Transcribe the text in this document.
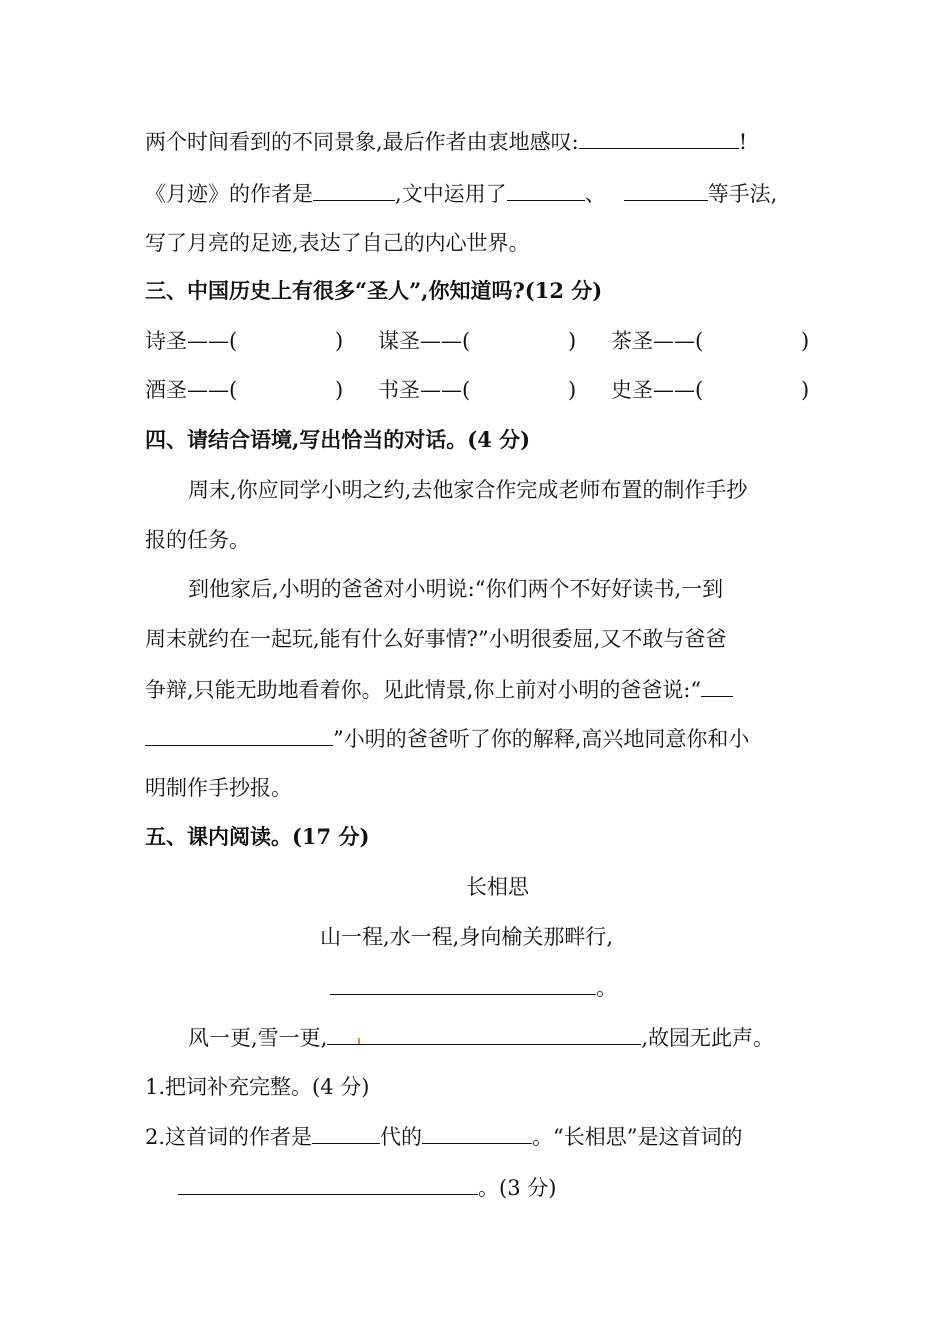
两个时间看到的不同景象,最后作者由衷地感叹:	!
《月迹》的作者是	,文中运用了	、	等手法,
写了月亮的足迹,表达了自己的内心世界。
三、中国历史上有很多“圣人”,你知道吗?(12 分)
诗圣——(	) 谋圣——(	) 茶圣——(	)
酒圣——(	) 书圣——(	) 史圣——(	)
四、请结合语境,写出恰当的对话。(4 分)
周末,你应同学小明之约,去他家合作完成老师布置的制作手抄
报的任务。
到他家后,小明的爸爸对小明说:“你们两个不好好读书,一到
周末就约在一起玩,能有什么好事情?”小明很委屈,又不敢与爸爸
争辩,只能无助地看着你。见此情景,你上前对小明的爸爸说:“
”小明的爸爸听了你的解释,高兴地同意你和小
明制作手抄报。
五、课内阅读。(17 分)
长相思
山一程,水一程,身向榆关那畔行,
。
风一更,雪一更,	,故园无此声。
1.把词补充完整。(4 分)
2.这首词的作者是	代的	。“长相思”是这首词的
。(3 分)
